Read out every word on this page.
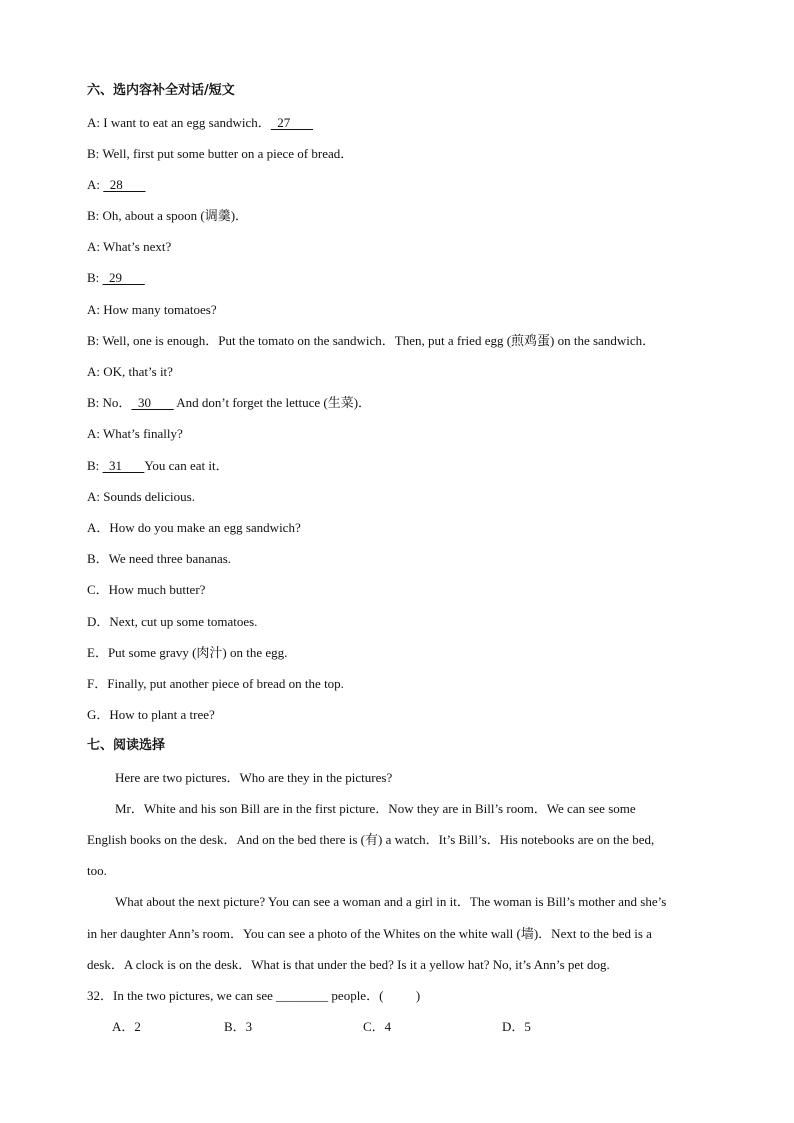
六、选内容补全对话/短文
A: I want to eat an egg sandwich．  27
B: Well, first put some butter on a piece of bread．
A:   28
B: Oh, about a spoon (调羹)．
A: What’s next?
B:   29
A: How many tomatoes?
B: Well, one is enough．Put the tomato on the sandwich．Then, put a fried egg (煎鸡蛋) on the sandwich．
A: OK, that’s it?
B: No．  30        And don’t forget the lettuce (生菜)．
A: What’s finally?
B:   31       You can eat it．
A: Sounds delicious.
A．How do you make an egg sandwich?
B．We need three bananas.
C．How much butter?
D．Next, cut up some tomatoes.
E．Put some gravy (肉汁) on the egg.
F．Finally, put another piece of bread on the top.
G．How to plant a tree?
七、阅读选择
Here are two pictures．Who are they in the pictures?
Mr．White and his son Bill are in the first picture．Now they are in Bill’s room．We can see some
English books on the desk．And on the bed there is (有) a watch．It’s Bill’s．His notebooks are on the bed,
too.
What about the next picture? You can see a woman and a girl in it．The woman is Bill’s mother and she’s
in her daughter Ann’s room．You can see a photo of the Whites on the white wall (墙)．Next to the bed is a
desk．A clock is on the desk．What is that under the bed? Is it a yellow hat? No, it’s Ann’s pet dog.
32．In the two pictures, we can see ________ people．(          )
A．2	B．3	C．4	D．5
